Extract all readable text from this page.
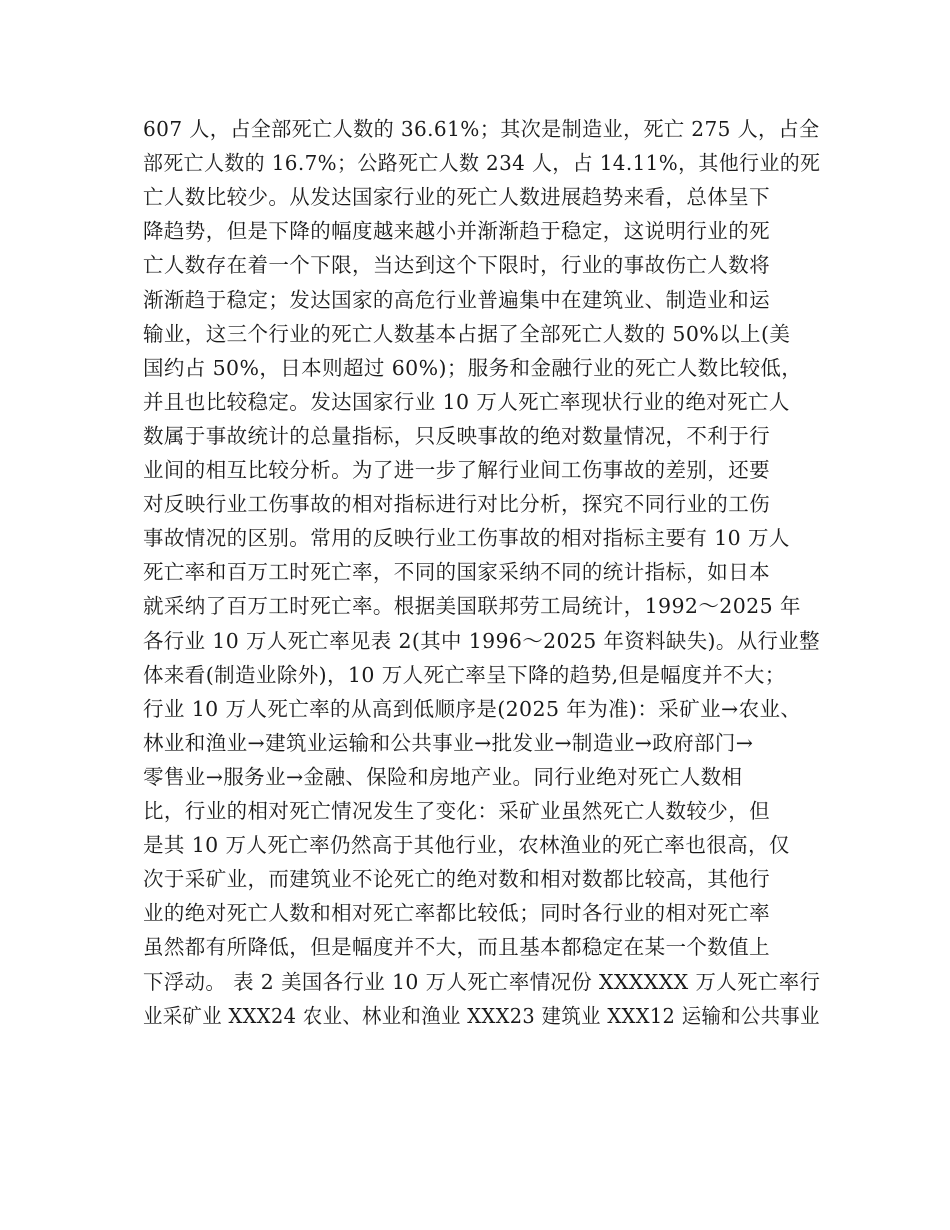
607 人，占全部死亡人数的 36.61%；其次是制造业，死亡 275 人，占全
部死亡人数的 16.7%；公路死亡人数 234 人，占 14.11%，其他行业的死
亡人数比较少。从发达国家行业的死亡人数进展趋势来看，总体呈下
降趋势，但是下降的幅度越来越小并渐渐趋于稳定，这说明行业的死
亡人数存在着一个下限，当达到这个下限时，行业的事故伤亡人数将
渐渐趋于稳定；发达国家的高危行业普遍集中在建筑业、制造业和运
输业，这三个行业的死亡人数基本占据了全部死亡人数的 50%以上(美
国约占 50%，日本则超过 60%)；服务和金融行业的死亡人数比较低，
并且也比较稳定。发达国家行业 10 万人死亡率现状行业的绝对死亡人
数属于事故统计的总量指标，只反映事故的绝对数量情况，不利于行
业间的相互比较分析。为了进一步了解行业间工伤事故的差别，还要
对反映行业工伤事故的相对指标进行对比分析，探究不同行业的工伤
事故情况的区别。常用的反映行业工伤事故的相对指标主要有 10 万人
死亡率和百万工时死亡率，不同的国家采纳不同的统计指标，如日本
就采纳了百万工时死亡率。根据美国联邦劳工局统计，1992～2025 年
各行业 10 万人死亡率见表 2(其中 1996～2025 年资料缺失)。从行业整
体来看(制造业除外)，10 万人死亡率呈下降的趋势,但是幅度并不大；
行业 10 万人死亡率的从高到低顺序是(2025 年为准)：采矿业→农业、
林业和渔业→建筑业运输和公共事业→批发业→制造业→政府部门→
零售业→服务业→金融、保险和房地产业。同行业绝对死亡人数相
比，行业的相对死亡情况发生了变化：采矿业虽然死亡人数较少，但
是其 10 万人死亡率仍然高于其他行业，农林渔业的死亡率也很高，仅
次于采矿业，而建筑业不论死亡的绝对数和相对数都比较高，其他行
业的绝对死亡人数和相对死亡率都比较低；同时各行业的相对死亡率
虽然都有所降低，但是幅度并不大，而且基本都稳定在某一个数值上
下浮动。 表 2 美国各行业 10 万人死亡率情况份 XXXXXX 万人死亡率行
业采矿业 XXX24 农业、林业和渔业 XXX23 建筑业 XXX12 运输和公共事业
